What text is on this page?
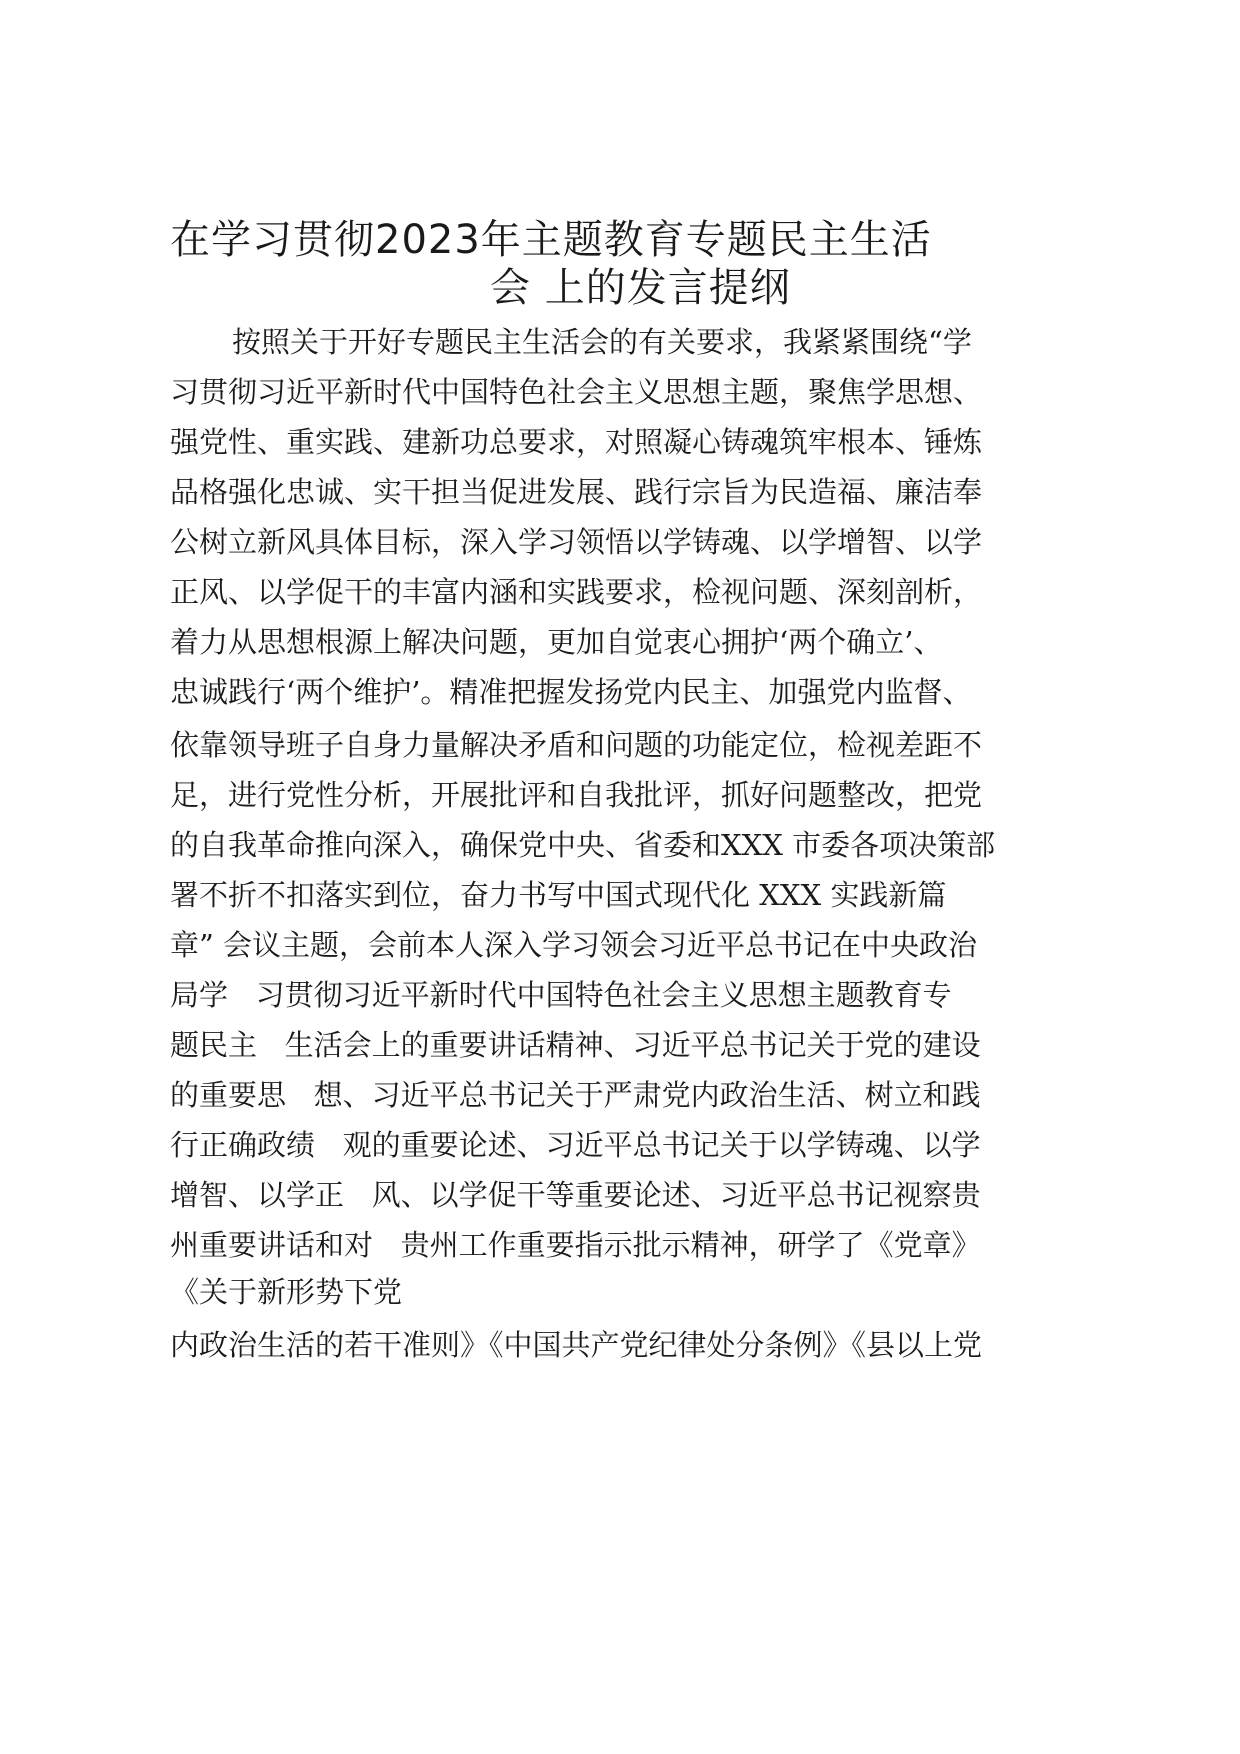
在学习贯彻2023年主题教育专题民主生活
会 上的发言提纲
按照关于开好专题民主生活会的有关要求，我紧紧围绕“学
习贯彻习近平新时代中国特色社会主义思想主题，聚焦学思想、
强党性、重实践、建新功总要求，对照凝心铸魂筑牢根本、锤炼
品格强化忠诚、实干担当促进发展、践行宗旨为民造福、廉洁奉
公树立新风具体目标，深入学习领悟以学铸魂、以学增智、以学
正风、以学促干的丰富内涵和实践要求，检视问题、深刻剖析，
着力从思想根源上解决问题，更加自觉衷心拥护‘两个确立’、
忠诚践行‘两个维护’。精准把握发扬党内民主、加强党内监督、
依靠领导班子自身力量解决矛盾和问题的功能定位，检视差距不
足，进行党性分析，开展批评和自我批评，抓好问题整改，把党
的自我革命推向深入，确保党中央、省委和XXX 市委各项决策部
署不折不扣落实到位，奋力书写中国式现代化 XXX 实践新篇
章” 会议主题，会前本人深入学习领会习近平总书记在中央政治
局学   习贯彻习近平新时代中国特色社会主义思想主题教育专
题民主   生活会上的重要讲话精神、习近平总书记关于党的建设
的重要思   想、习近平总书记关于严肃党内政治生活、树立和践
行正确政绩   观的重要论述、习近平总书记关于以学铸魂、以学
增智、以学正   风、以学促干等重要论述、习近平总书记视察贵
州重要讲话和对   贵州工作重要指示批示精神，研学了《党章》
《关于新形势下党
内政治生活的若干准则》《中国共产党纪律处分条例》《县以上党
